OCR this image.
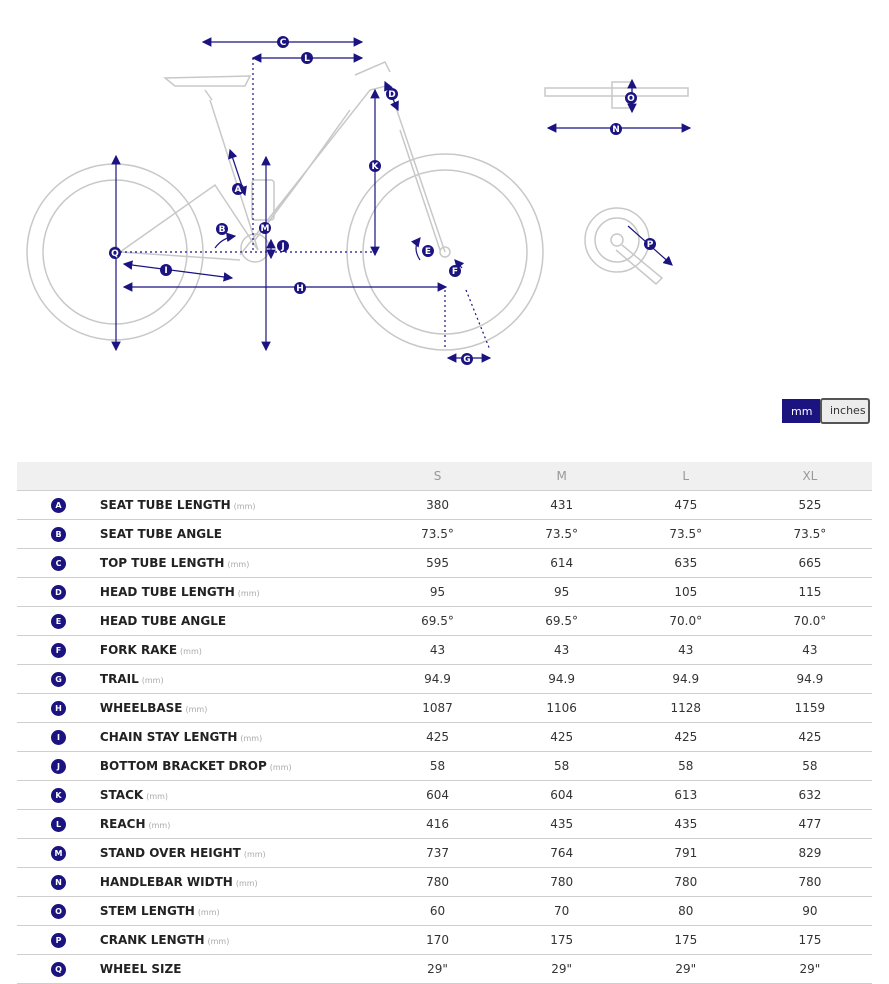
C
L
D
K
A
B	M
J
Q
I
H
E
F
G
O
N
P
mm	inches
		S	M	L	XL
A	SEAT TUBE LENGTH (mm)	380	431	475	525
B	SEAT TUBE ANGLE	73.5°	73.5°	73.5°	73.5°
C	TOP TUBE LENGTH (mm)	595	614	635	665
D	HEAD TUBE LENGTH (mm)	95	95	105	115
E	HEAD TUBE ANGLE	69.5°	69.5°	70.0°	70.0°
F	FORK RAKE (mm)	43	43	43	43
G	TRAIL (mm)	94.9	94.9	94.9	94.9
H	WHEELBASE (mm)	1087	1106	1128	1159
I	CHAIN STAY LENGTH (mm)	425	425	425	425
J	BOTTOM BRACKET DROP (mm)	58	58	58	58
K	STACK (mm)	604	604	613	632
L	REACH (mm)	416	435	435	477
M	STAND OVER HEIGHT (mm)	737	764	791	829
N	HANDLEBAR WIDTH (mm)	780	780	780	780
O	STEM LENGTH (mm)	60	70	80	90
P	CRANK LENGTH (mm)	170	175	175	175
Q	WHEEL SIZE	29"	29"	29"	29"
